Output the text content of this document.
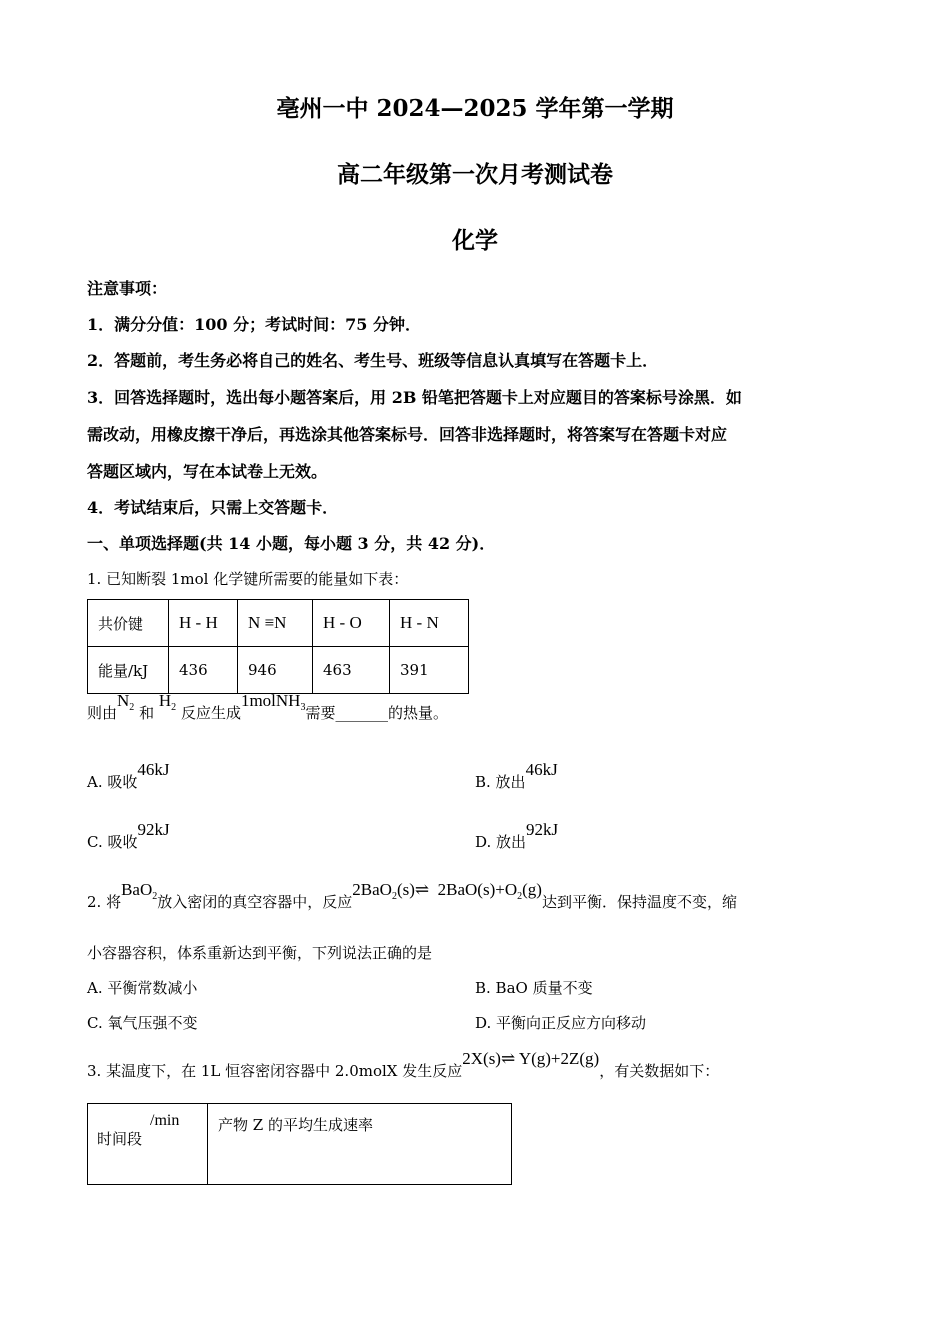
亳州一中 2024—2025 学年第一学期
高二年级第一次月考测试卷
化学
注意事项：
1．满分分值：100 分；考试时间：75 分钟．
2．答题前，考生务必将自己的姓名、考生号、班级等信息认真填写在答题卡上．
3．回答选择题时，选出每小题答案后，用 2B 铅笔把答题卡上对应题目的答案标号涂黑．如
需改动，用橡皮擦干净后，再选涂其他答案标号．回答非选择题时，将答案写在答题卡对应
答题区域内，写在本试卷上无效。
4．考试结束后，只需上交答题卡．
一、单项选择题(共 14 小题，每小题 3 分，共 42 分)．
1. 已知断裂 1mol 化学键所需要的能量如下表：
共价键	H - H	N ≡N	H - O	H - N
能量/kJ	436	946	463	391
则由$N_2$ 和 $H_2$ 反应生成1molNH$_3$需要_______的热量。
A. 吸收46kJ
B. 放出46kJ
C. 吸收92kJ
D. 放出92kJ
2. 将BaO$_2$放入密闭的真空容器中，反应2BaO$_2$(s)⇌ $2BaO(s)+O_2(g)$达到平衡．保持温度不变，缩
小容器容积，体系重新达到平衡，下列说法正确的是
A. 平衡常数减小	B. BaO 质量不变
C. 氧气压强不变	D. 平衡向正反应方向移动
3. 某温度下，在 1L 恒容密闭容器中 2.0molX 发生反应2X(s)⇌ Y(g)+2Z(g)，有关数据如下：
/min
时间段
	产物 Z 的平均生成速率
